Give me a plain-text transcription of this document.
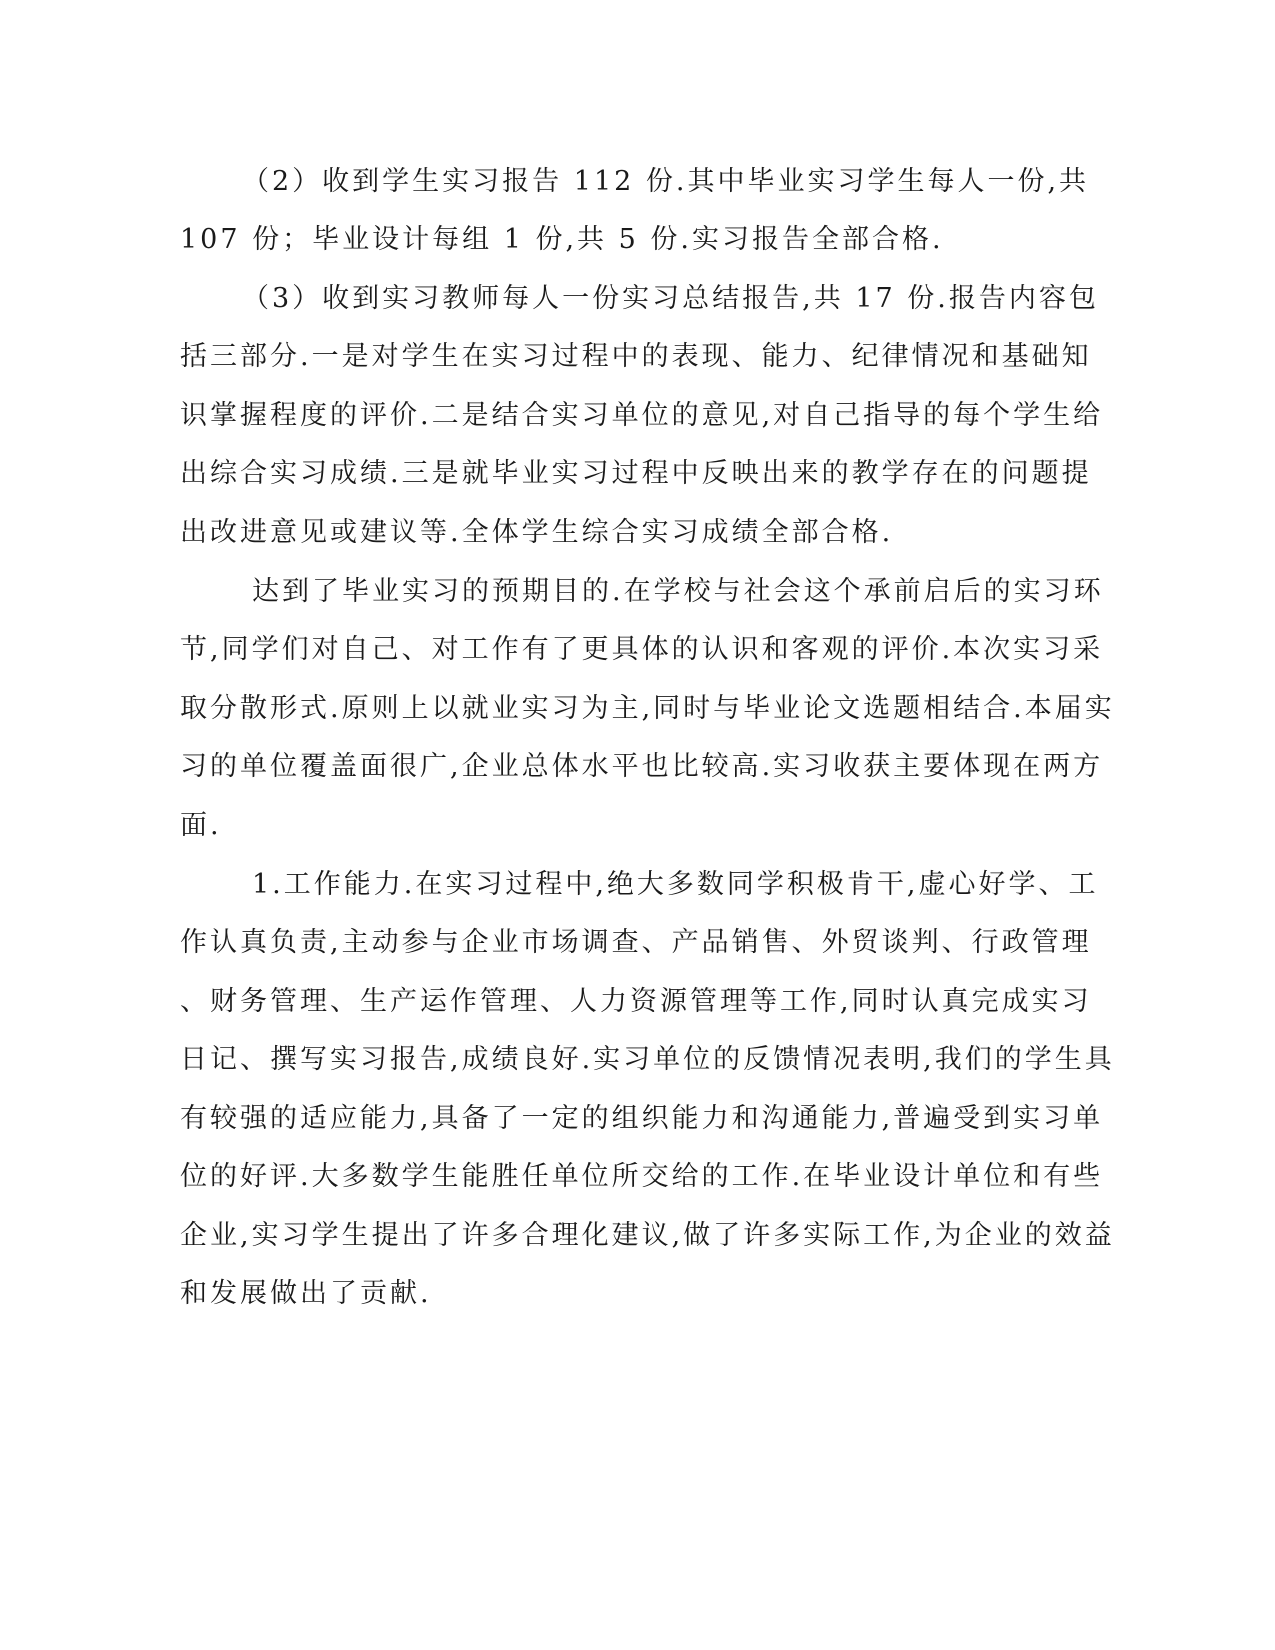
（2）收到学生实习报告 112 份.其中毕业实习学生每人一份,共
107 份；毕业设计每组 1 份,共 5 份.实习报告全部合格.
（3）收到实习教师每人一份实习总结报告,共 17 份.报告内容包
括三部分.一是对学生在实习过程中的表现、能力、纪律情况和基础知
识掌握程度的评价.二是结合实习单位的意见,对自己指导的每个学生给
出综合实习成绩.三是就毕业实习过程中反映出来的教学存在的问题提
出改进意见或建议等.全体学生综合实习成绩全部合格.
达到了毕业实习的预期目的.在学校与社会这个承前启后的实习环
节,同学们对自己、对工作有了更具体的认识和客观的评价.本次实习采
取分散形式.原则上以就业实习为主,同时与毕业论文选题相结合.本届实
习的单位覆盖面很广,企业总体水平也比较高.实习收获主要体现在两方
面.
1.工作能力.在实习过程中,绝大多数同学积极肯干,虚心好学、工
作认真负责,主动参与企业市场调查、产品销售、外贸谈判、行政管理
、财务管理、生产运作管理、人力资源管理等工作,同时认真完成实习
日记、撰写实习报告,成绩良好.实习单位的反馈情况表明,我们的学生具
有较强的适应能力,具备了一定的组织能力和沟通能力,普遍受到实习单
位的好评.大多数学生能胜任单位所交给的工作.在毕业设计单位和有些
企业,实习学生提出了许多合理化建议,做了许多实际工作,为企业的效益
和发展做出了贡献.
